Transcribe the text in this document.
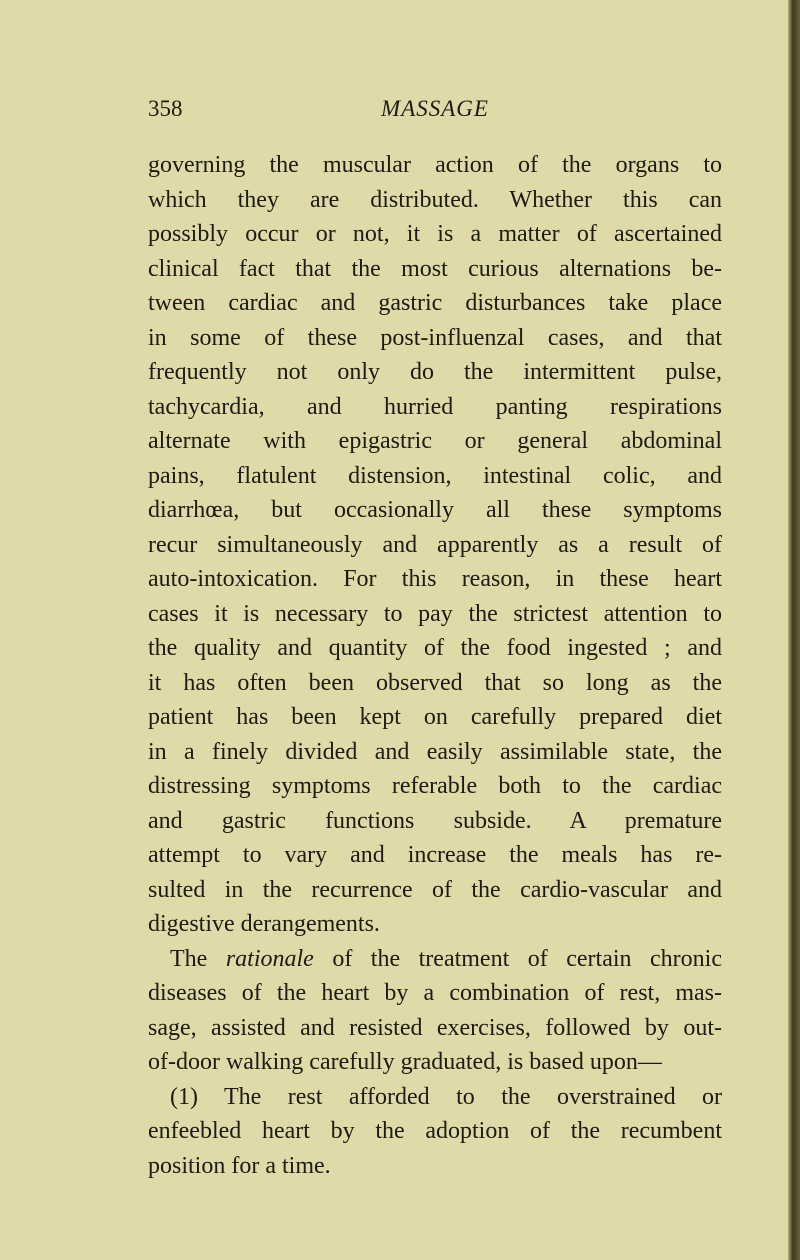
358	MASSAGE
governing the muscular action of the organs to
which they are distributed. Whether this can
possibly occur or not, it is a matter of ascertained
clinical fact that the most curious alternations be-
tween cardiac and gastric disturbances take place
in some of these post-influenzal cases, and that
frequently not only do the intermittent pulse,
tachycardia, and hurried panting respirations
alternate with epigastric or general abdominal
pains, flatulent distension, intestinal colic, and
diarrhœa, but occasionally all these symptoms
recur simultaneously and apparently as a result of
auto-intoxication. For this reason, in these heart
cases it is necessary to pay the strictest attention to
the quality and quantity of the food ingested ; and
it has often been observed that so long as the
patient has been kept on carefully prepared diet
in a finely divided and easily assimilable state, the
distressing symptoms referable both to the cardiac
and gastric functions subside. A premature
attempt to vary and increase the meals has re-
sulted in the recurrence of the cardio-vascular and
digestive derangements.
The rationale of the treatment of certain chronic
diseases of the heart by a combination of rest, mas-
sage, assisted and resisted exercises, followed by out-
of-door walking carefully graduated, is based upon—
(1) The rest afforded to the overstrained or
enfeebled heart by the adoption of the recumbent
position for a time.
